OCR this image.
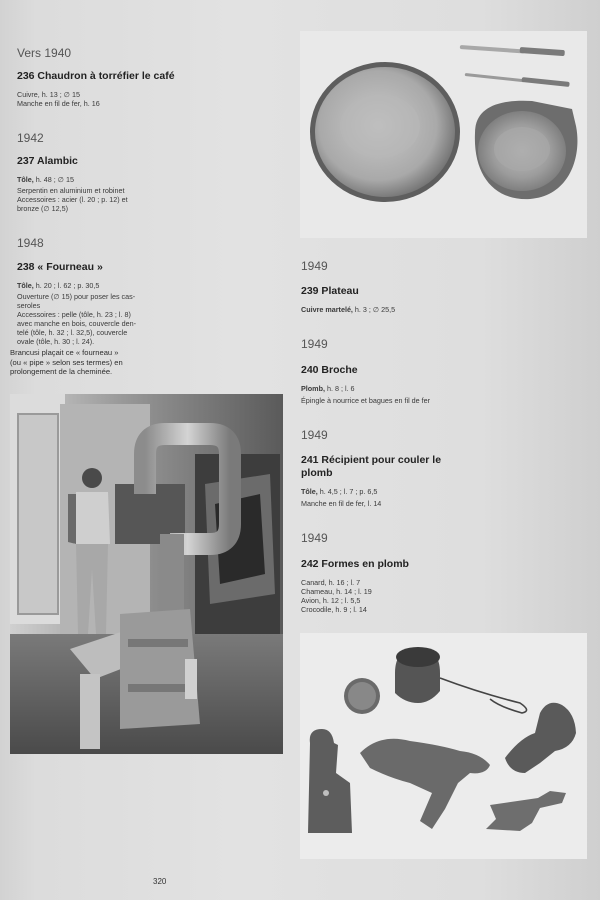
Vers 1940
236 Chaudron à torréfier le café
Cuivre, h. 13 ; ∅ 15
Manche en fil de fer, h. 16
1942
237 Alambic
Tôle, h. 48 ; ∅ 15
Serpentin en aluminium et robinet
Accessoires : acier (l. 20 ; p. 12) et
bronze (∅ 12,5)
1948
238 « Fourneau »
Tôle, h. 20 ; l. 62 ; p. 30,5
Ouverture (∅ 15) pour poser les cas-
seroles
Accessoires : pelle (tôle, h. 23 ; l. 8)
avec manche en bois, couvercle den-
telé (tôle, h. 32 ; l. 32,5), couvercle
ovale (tôle, h. 30 ; l. 24).
Brancusi plaçait ce « fourneau »
(ou « pipe » selon ses termes) en
prolongement de la cheminée.
1949
239 Plateau
Cuivre martelé, h. 3 ; ∅ 25,5
1949
240 Broche
Plomb, h. 8 ; l. 6
Épingle à nourrice et bagues en fil de fer
1949
241 Récipient pour couler le
plomb
Tôle, h. 4,5 ; l. 7 ; p. 6,5
Manche en fil de fer, l. 14
1949
242 Formes en plomb
Canard, h. 16 ; l. 7
Chameau, h. 14 ; l. 19
Avion, h. 12 ; l. 5,5
Crocodile, h. 9 ; l. 14
320
